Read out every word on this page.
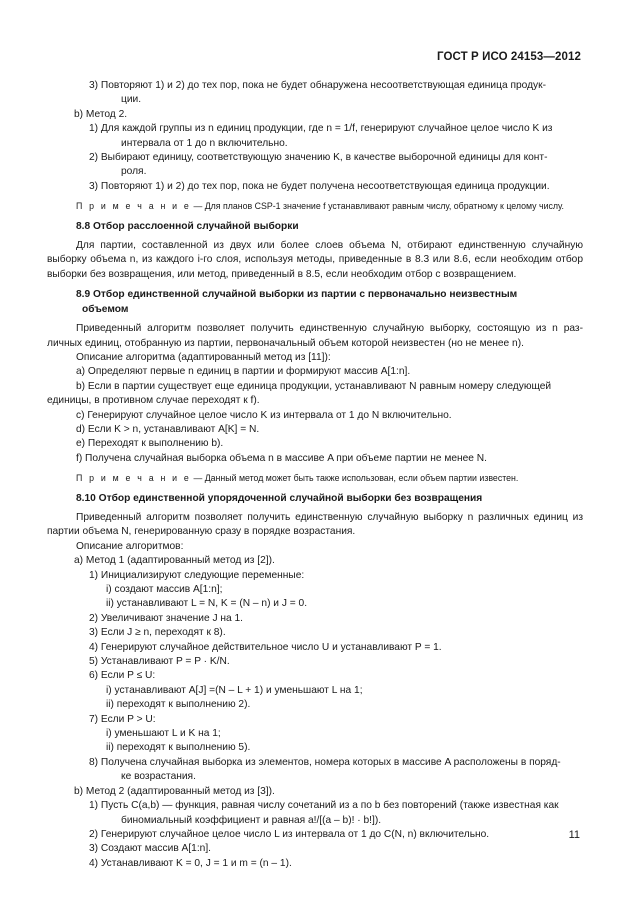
ГОСТ Р ИСО 24153—2012
3) Повторяют 1) и 2) до тех пор, пока не будет обнаружена несоответствующая единица продук-
ции.
b) Метод 2.
1) Для каждой группы из n единиц продукции, где n = 1/f, генерируют случайное целое число K из
интервала от 1 до n включительно.
2) Выбирают единицу, соответствующую значению K, в качестве выборочной единицы для конт-
роля.
3) Повторяют 1) и 2) до тех пор, пока не будет получена несоответствующая единица продукции.
П р и м е ч а н и е — Для планов CSP-1 значение f устанавливают равным числу, обратному к целому числу.
8.8 Отбор расслоенной случайной выборки
Для партии, составленной из двух или более слоев объема N, отбирают единственную случайную выборку объема n, из каждого i-го слоя, используя методы, приведенные в 8.3 или 8.6, если необходим отбор выборки без возвращения, или метод, приведенный в 8.5, если необходим отбор с возвращением.
8.9 Отбор единственной случайной выборки из партии с первоначально неизвестным
объемом
Приведенный алгоритм позволяет получить единственную случайную выборку, состоящую из n раз-личных единиц, отобранную из партии, первоначальный объем которой неизвестен (но не менее n).
Описание алгоритма (адаптированный метод из [11]):
a) Определяют первые n единиц в партии и формируют массив A[1:n].
b) Если в партии существует еще единица продукции, устанавливают N равным номеру следующей
единицы, в противном случае переходят к f).
c) Генерируют случайное целое число K из интервала от 1 до N включительно.
d) Если K > n, устанавливают A[K] = N.
e) Переходят к выполнению b).
f) Получена случайная выборка объема n в массиве A при объеме партии не менее N.
П р и м е ч а н и е — Данный метод может быть также использован, если объем партии известен.
8.10 Отбор единственной упорядоченной случайной выборки без возвращения
Приведенный алгоритм позволяет получить единственную случайную выборку n различных единиц из партии объема N, генерированную сразу в порядке возрастания.
Описание алгоритмов:
a) Метод 1 (адаптированный метод из [2]).
1) Инициализируют следующие переменные:
i) создают массив A[1:n];
ii) устанавливают L = N, K = (N – n) и J = 0.
2) Увеличивают значение J на 1.
3) Если J ≥ n, переходят к 8).
4) Генерируют случайное действительное число U и устанавливают P = 1.
5) Устанавливают P = P · K/N.
6) Если P ≤ U:
i) устанавливают A[J] =(N – L + 1) и уменьшают L на 1;
ii) переходят к выполнению 2).
7) Если P > U:
i) уменьшают L и K на 1;
ii) переходят к выполнению 5).
8) Получена случайная выборка из элементов, номера которых в массиве A расположены в поряд-
ке возрастания.
b) Метод 2 (адаптированный метод из [3]).
1) Пусть C(a,b) — функция, равная числу сочетаний из a по b без повторений (также известная как
биномиальный коэффициент и равная a!/[(a – b)! · b!]).
2) Генерируют случайное целое число L из интервала от 1 до C(N, n) включительно.
3) Создают массив A[1:n].
4) Устанавливают K = 0, J = 1 и m = (n – 1).
11
